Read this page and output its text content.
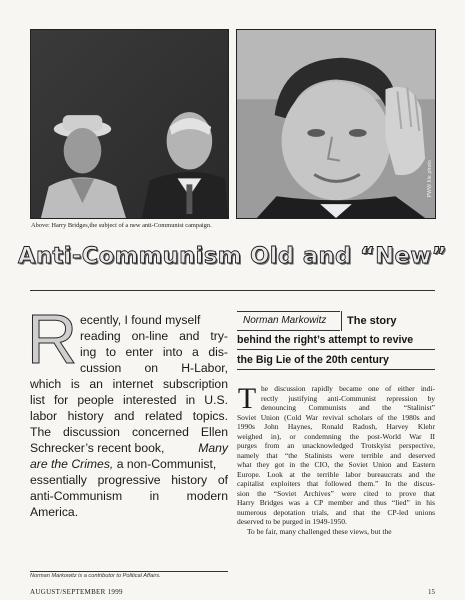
PWW file photo
Above: Harry Bridges,the subject of a new anti-Communist campaign.
Anti-Communism Old and “New”
R ecently, I found myself
reading on-line and try-
ing to enter into a dis-
cussion on H-Labor,
which is an internet subscription
list for people interested in U.S.
labor history and related topics.
The discussion concerned Ellen
Schrecker’s recent book,	Many
are the Crimes, a non-Communist,
essentially progressive history of
anti-Communism in modern
America.
Norman Markowitz is a contributor to Political Affairs.
Norman Markowitz	The story
behind the right’s attempt to revive
the Big Lie of the 20th century
T he discussion rapidly became one of either indi-
rectly justifying anti-Communist repression by
denouncing Communists and the “Stalinist”
Soviet Union (Cold War revival scholars of the 1980s and
1990s John Haynes, Ronald Radosh, Harvey Klehr
weighed in), or condemning the post-World War II
purges from an unacknowledged Trotskyist perspective,
namely that “the Stalinists were terrible and deserved
what they got in the CIO, the Soviet Union and Eastern
Europe. Look at the terrible labor bureaucrats and the
capitalist exploiters that followed them.” In the discus-
sion the “Soviet Archives” were cited to prove that
Harry Bridges was a CP member and thus “lied” in his
numerous depotation trials, and that the CP-led unions
deserved to be purged in 1949-1950.
To be fair, many challenged these views, but the
AUGUST/SEPTEMBER 1999	15
